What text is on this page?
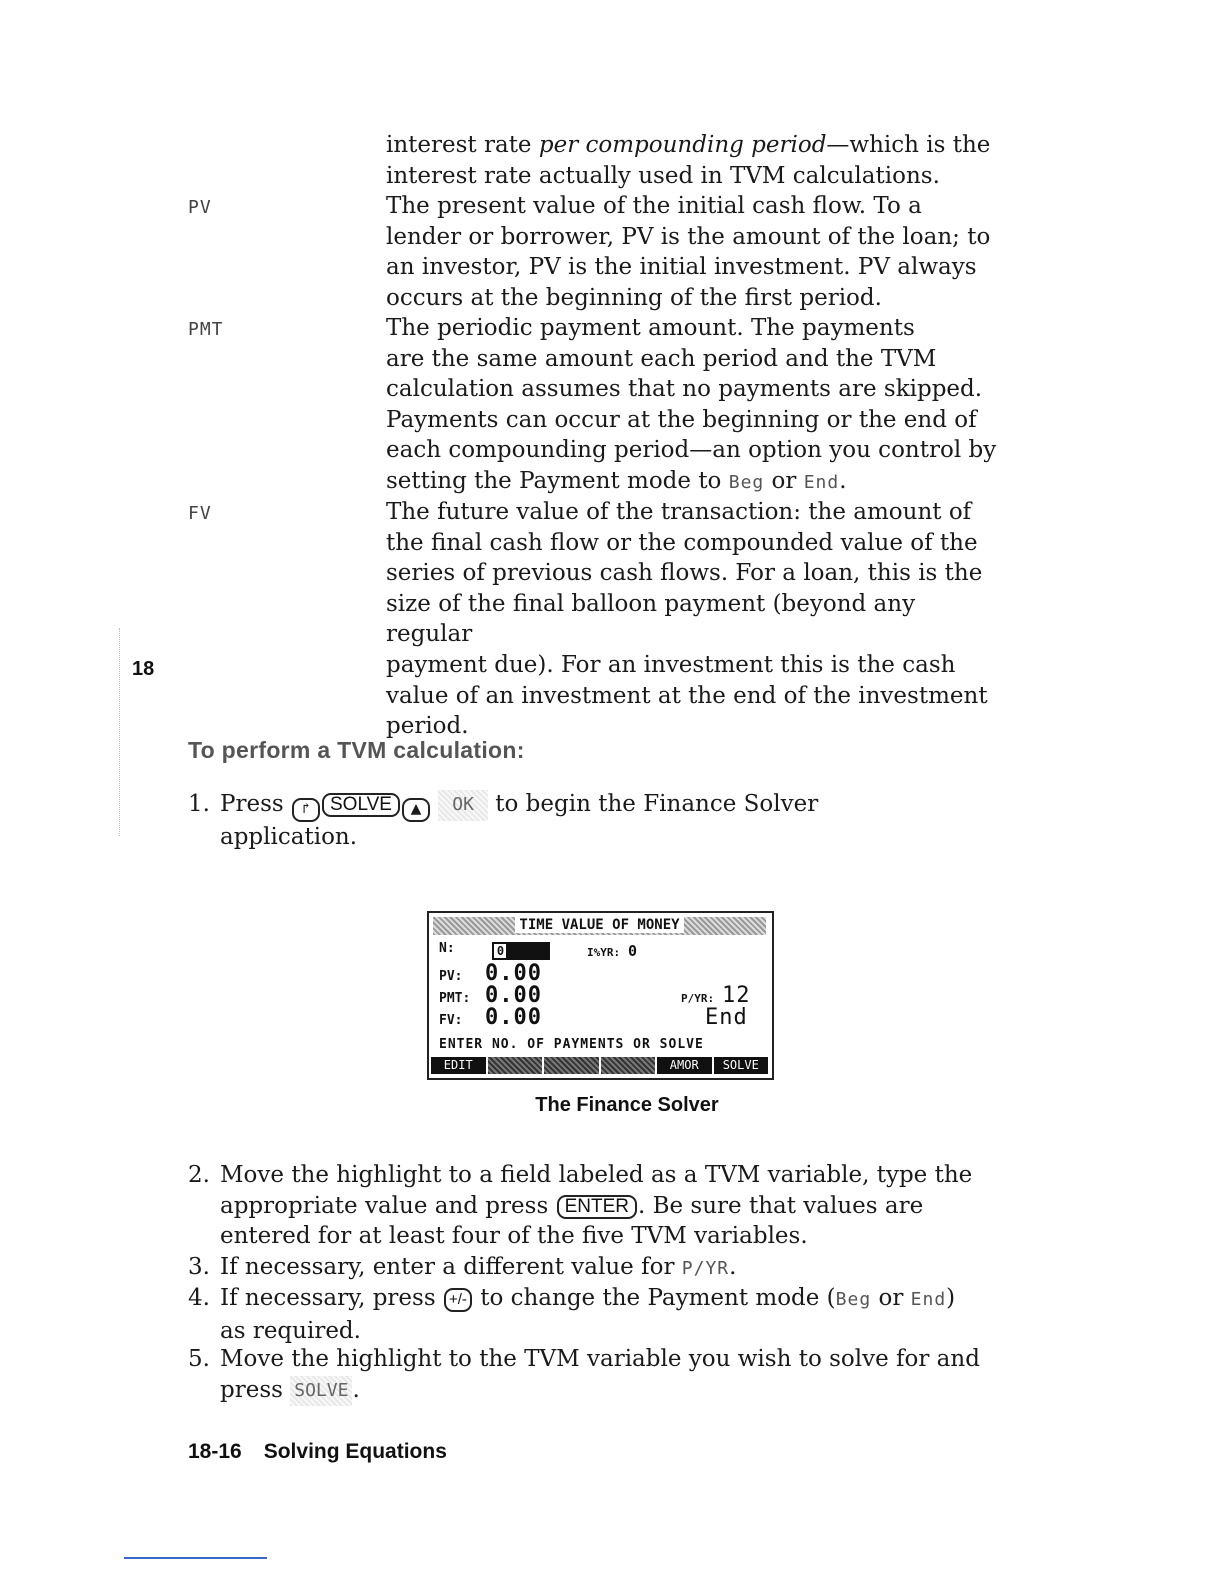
interest rate per compounding period—which is the
interest rate actually used in TVM calculations.
PV	The present value of the initial cash flow. To a
lender or borrower, PV is the amount of the loan; to
an investor, PV is the initial investment. PV always
occurs at the beginning of the first period.
PMT	The periodic payment amount. The payments
are the same amount each period and the TVM
calculation assumes that no payments are skipped.
Payments can occur at the beginning or the end of
each compounding period—an option you control by
setting the Payment mode to Beg or End.
FV	The future value of the transaction: the amount of
the final cash flow or the compounded value of the
series of previous cash flows. For a loan, this is the
size of the final balloon payment (beyond any regular
payment due). For an investment this is the cash
value of an investment at the end of the investment
period.
18
To perform a TVM calculation:
1. Press ↱ SOLVE ▲ OK to begin the Finance Solver
application.
2. Move the highlight to a field labeled as a TVM variable, type the
appropriate value and press ENTER . Be sure that values are
entered for at least four of the five TVM variables.
3. If necessary, enter a different value for P/YR.
4. If necessary, press +/- to change the Payment mode (Beg or End)
as required.
5. Move the highlight to the TVM variable you wish to solve for and
press SOLVE .
TIME VALUE OF MONEY
N:	0	I%YR: 0
PV: 0.00
PMT: 0.00	P/YR: 12
FV: 0.00	End
ENTER NO. OF PAYMENTS OR SOLVE
EDIT	AMOR	SOLVE
The Finance Solver
18-16 Solving Equations
